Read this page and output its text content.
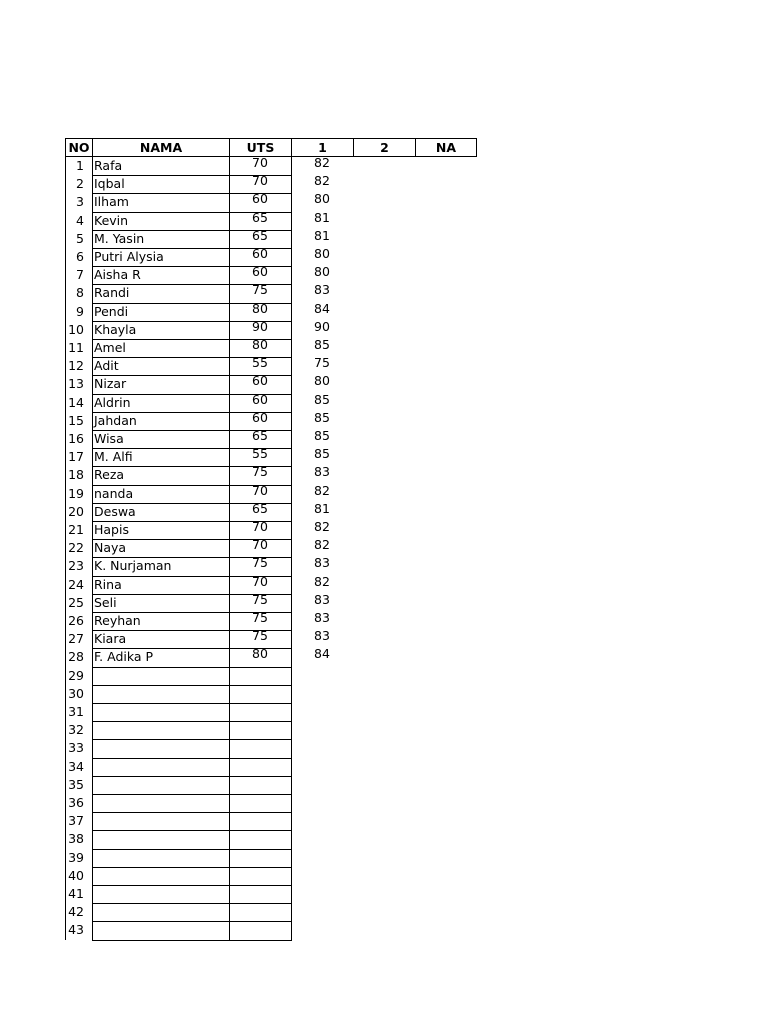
NO	NAMA	UTS	1	2	NA
1 Rafa	70	82
2 Iqbal	70	82
3 Ilham	60	80
4 Kevin	65	81
5 M. Yasin	65	81
6 Putri Alysia	60	80
7 Aisha R	60	80
8 Randi	75	83
9 Pendi	80	84
10 Khayla	90	90
11 Amel	80	85
12 Adit	55	75
13 Nizar	60	80
14 Aldrin	60	85
15 Jahdan	60	85
16 Wisa	65	85
17 M. Alfi	55	85
18 Reza	75	83
19 nanda	70	82
20 Deswa	65	81
21 Hapis	70	82
22 Naya	70	82
23 K. Nurjaman	75	83
24 Rina	70	82
25 Seli	75	83
26 Reyhan	75	83
27 Kiara	75	83
28 F. Adika P	80	84
29
30
31
32
33
34
35
36
37
38
39
40
41
42
43
